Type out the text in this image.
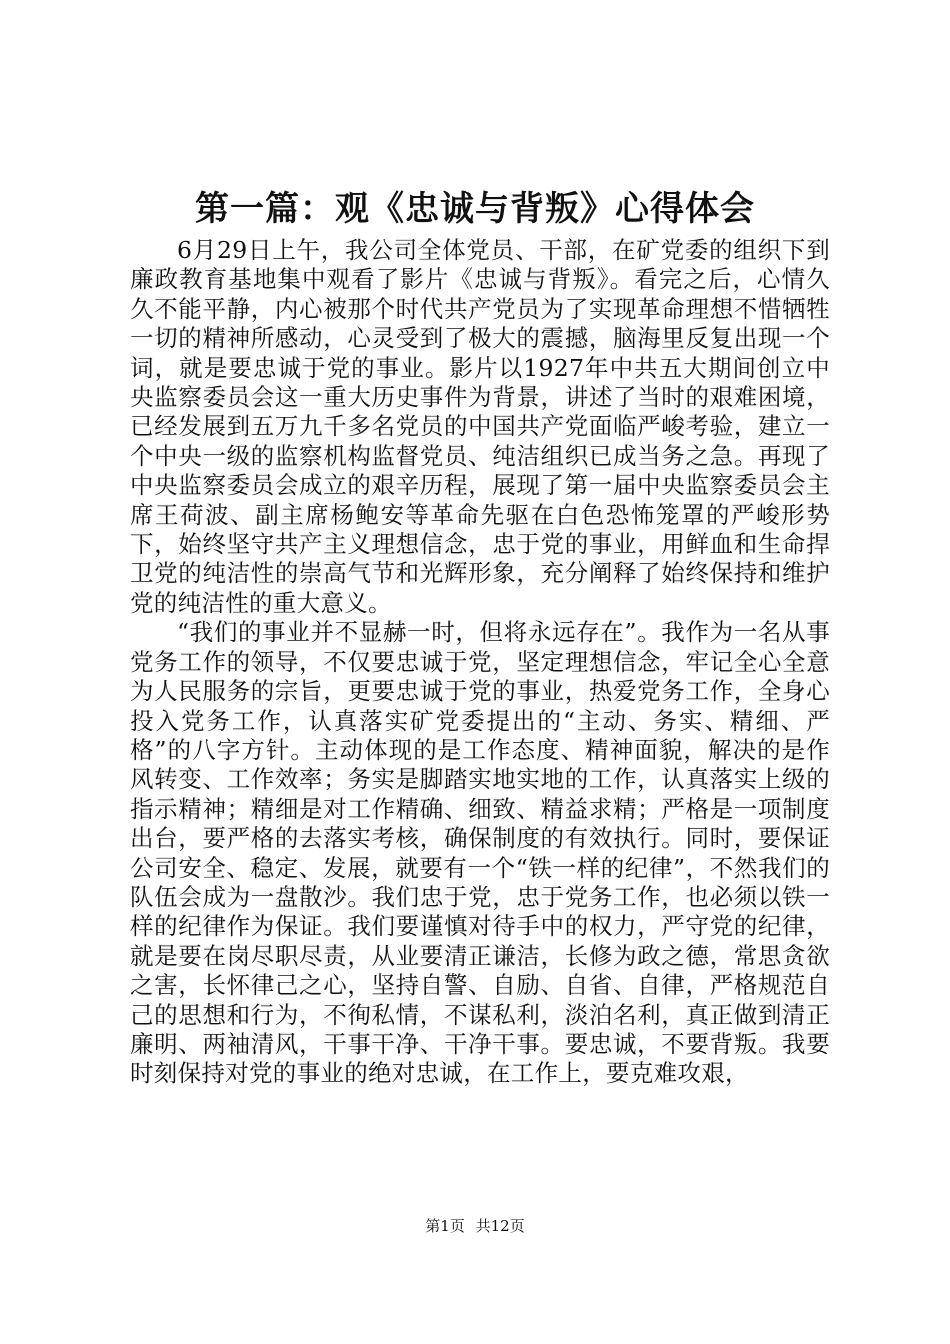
第一篇：观《忠诚与背叛》心得体会

6月29日上午，我公司全体党员、干部，在矿党委的组织下到廉政教育基地集中观看了影片《忠诚与背叛》。看完之后，心情久久不能平静，内心被那个时代共产党员为了实现革命理想不惜牺牲一切的精神所感动，心灵受到了极大的震撼，脑海里反复出现一个词，就是要忠诚于党的事业。影片以1927年中共五大期间创立中央监察委员会这一重大历史事件为背景，讲述了当时的艰难困境，已经发展到五万九千多名党员的中国共产党面临严峻考验，建立一个中央一级的监察机构监督党员、纯洁组织已成当务之急。再现了中央监察委员会成立的艰辛历程，展现了第一届中央监察委员会主席王荷波、副主席杨鲍安等革命先驱在白色恐怖笼罩的严峻形势下，始终坚守共产主义理想信念，忠于党的事业，用鲜血和生命捍卫党的纯洁性的崇高气节和光辉形象，充分阐释了始终保持和维护党的纯洁性的重大意义。

“我们的事业并不显赫一时，但将永远存在”。我作为一名从事党务工作的领导，不仅要忠诚于党，坚定理想信念，牢记全心全意为人民服务的宗旨，更要忠诚于党的事业，热爱党务工作，全身心投入党务工作，认真落实矿党委提出的“主动、务实、精细、严格”的八字方针。主动体现的是工作态度、精神面貌，解决的是作风转变、工作效率；务实是脚踏实地实地的工作，认真落实上级的指示精神；精细是对工作精确、细致、精益求精；严格是一项制度出台，要严格的去落实考核，确保制度的有效执行。同时，要保证公司安全、稳定、发展，就要有一个“铁一样的纪律”，不然我们的队伍会成为一盘散沙。我们忠于党，忠于党务工作，也必须以铁一样的纪律作为保证。我们要谨慎对待手中的权力，严守党的纪律，就是要在岗尽职尽责，从业要清正谦洁，长修为政之德，常思贪欲之害，长怀律己之心，坚持自警、自励、自省、自律，严格规范自己的思想和行为，不徇私情，不谋私利，淡泊名利，真正做到清正廉明、两袖清风，干事干净、干净干事。要忠诚，不要背叛。我要时刻保持对党的事业的绝对忠诚，在工作上，要克难攻艰，

第1页 共12页
